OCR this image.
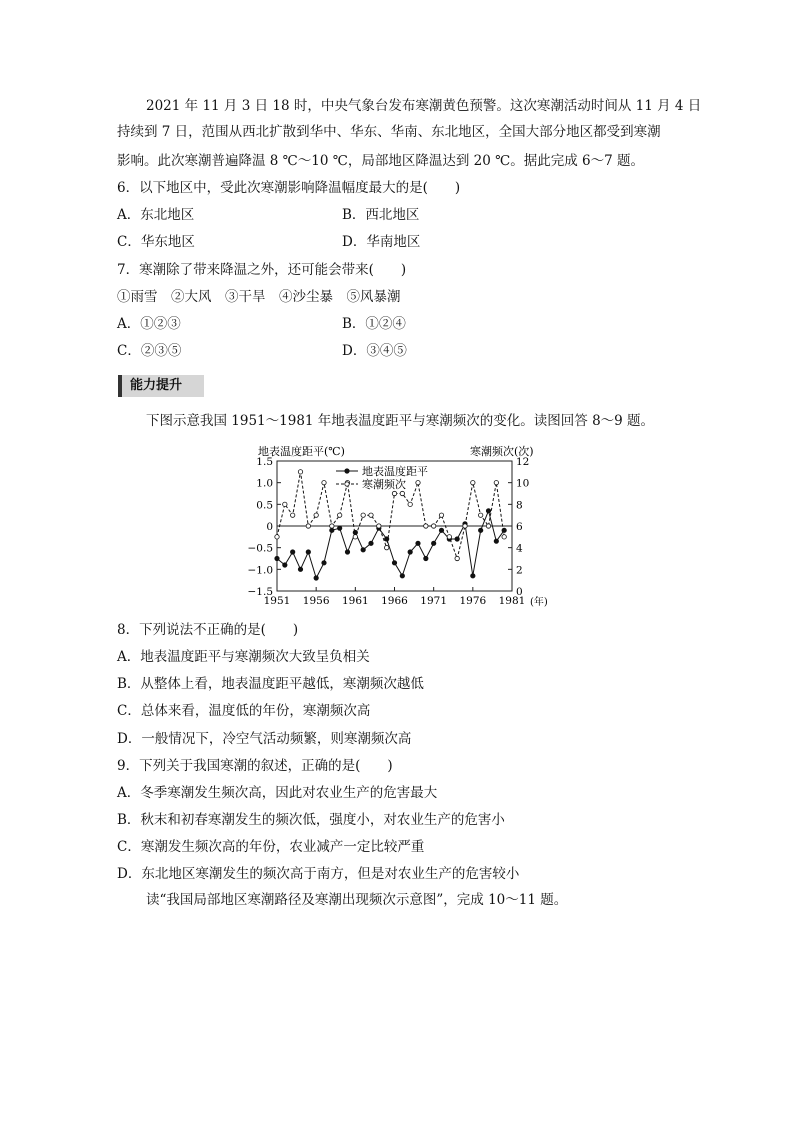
2021 年 11 月 3 日 18 时，中央气象台发布寒潮黄色预警。这次寒潮活动时间从 11 月 4 日
持续到 7 日，范围从西北扩散到华中、华东、华南、东北地区，全国大部分地区都受到寒潮
影响。此次寒潮普遍降温 8 ℃～10 ℃，局部地区降温达到 20 ℃。据此完成 6～7 题。
6．以下地区中，受此次寒潮影响降温幅度最大的是(　　)
A．东北地区	B．西北地区
C．华东地区	D．华南地区
7．寒潮除了带来降温之外，还可能会带来(　　)
①雨雪　②大风　③干旱　④沙尘暴　⑤风暴潮
A．①②③	B．①②④
C．②③⑤	D．③④⑤
能力提升
下图示意我国 1951～1981 年地表温度距平与寒潮频次的变化。读图回答 8～9 题。
地表温度距平(℃)	寒潮频次(次)
(年)
1.5
1.0
0.5
0
−0.5
−1.0
−1.5
12
10
8
6
4
2
0
1951 1956 1961 1966 1971 1976 1981
地表温度距平
寒潮频次
8．下列说法不正确的是(　　)
A．地表温度距平与寒潮频次大致呈负相关
B．从整体上看，地表温度距平越低，寒潮频次越低
C．总体来看，温度低的年份，寒潮频次高
D．一般情况下，冷空气活动频繁，则寒潮频次高
9．下列关于我国寒潮的叙述，正确的是(　　)
A．冬季寒潮发生频次高，因此对农业生产的危害最大
B．秋末和初春寒潮发生的频次低，强度小，对农业生产的危害小
C．寒潮发生频次高的年份，农业减产一定比较严重
D．东北地区寒潮发生的频次高于南方，但是对农业生产的危害较小
读“我国局部地区寒潮路径及寒潮出现频次示意图”，完成 10～11 题。
